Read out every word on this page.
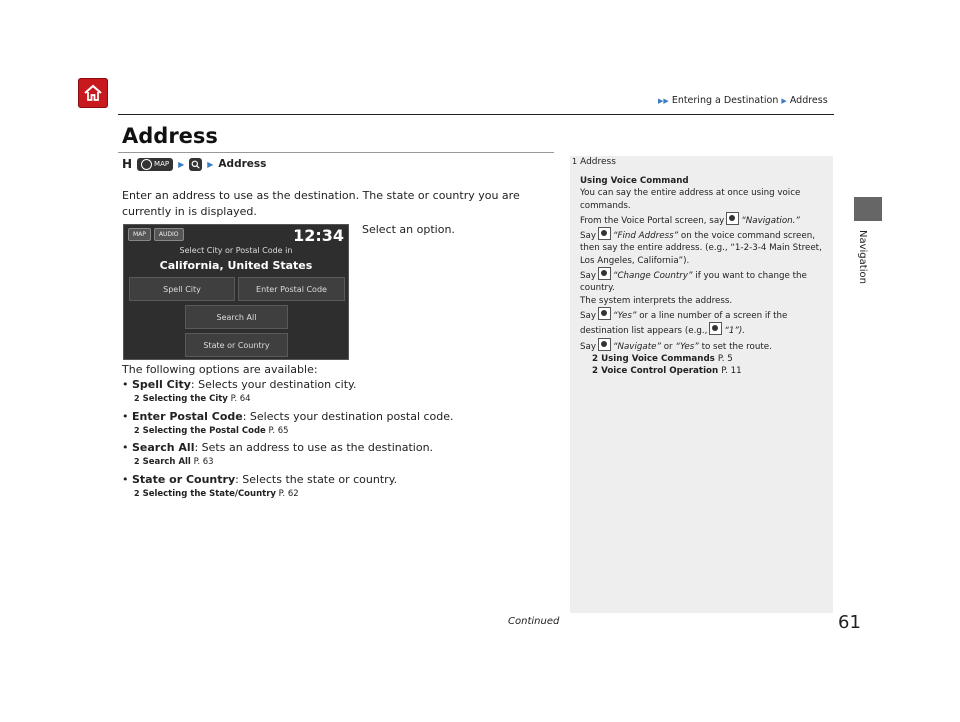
▶▶ Entering a Destination ▶ Address
Navigation
Address
H	MAP ▶	▶ Address
Enter an address to use as the destination. The state or country you are currently in is displayed.
MAP	AUDIO	12:34
Select City or Postal Code in
California, United States
Spell City	Enter Postal Code
Search All
State or Country
Select an option.
The following options are available:
• Spell City: Selects your destination city.
2 Selecting the City P. 64
• Enter Postal Code: Selects your destination postal code.
2 Selecting the Postal Code P. 65
• Search All: Sets an address to use as the destination.
2 Search All P. 63
• State or Country: Selects the state or country.
2 Selecting the State/Country P. 62
1 Address

Using Voice Command

You can say the entire address at once using voice commands.

From the Voice Portal screen, say “Navigation.”

Say “Find Address” on the voice command screen, then say the entire address. (e.g., “1-2-3-4 Main Street, Los Angeles, California”).

Say “Change Country” if you want to change the country.

The system interprets the address.

Say “Yes” or a line number of a screen if the destination list appears (e.g., “1”).

Say “Navigate” or “Yes” to set the route.

2 Using Voice Commands P. 5

2 Voice Control Operation P. 11

Continued	61
